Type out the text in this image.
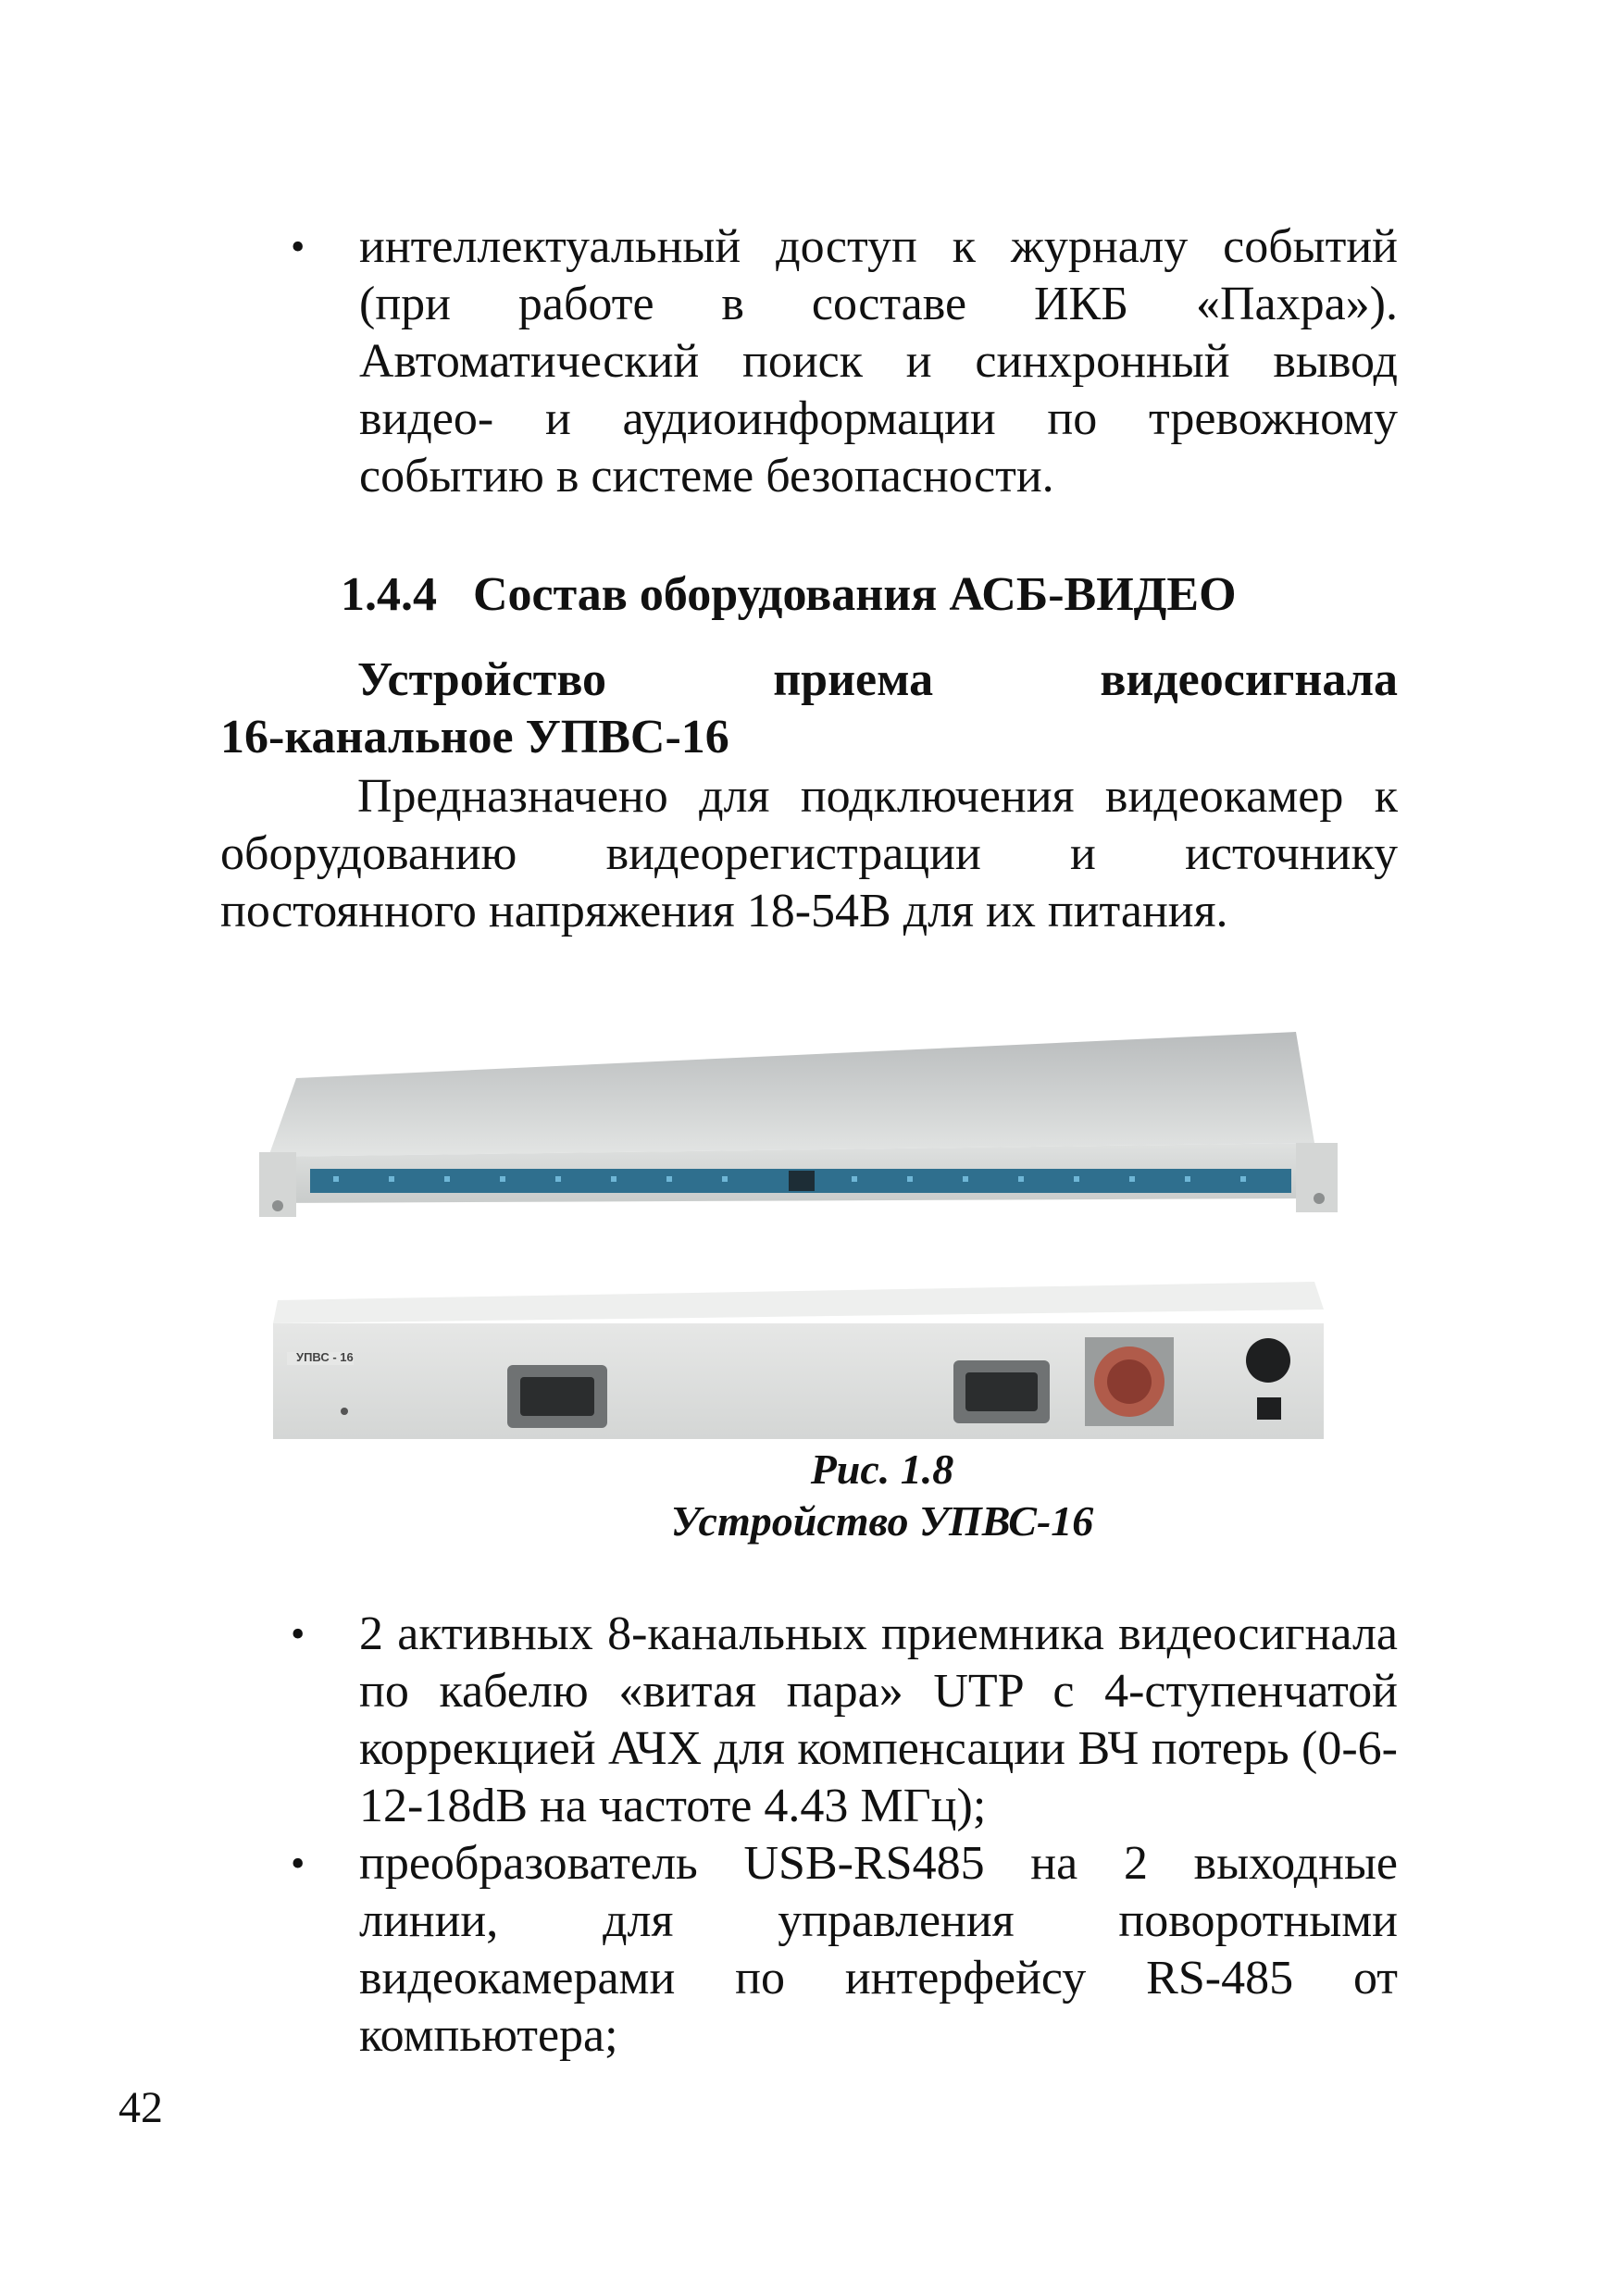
• интеллектуальный доступ к журналу событий (при работе в составе ИКБ «Пахра»). Автоматический поиск и синхронный вывод видео- и аудиоинформации по тревожному событию в системе безопасности.
1.4.4   Состав оборудования АСБ-ВИДЕО
Устройство приема видеосигнала
16-канальное УПВС-16
Предназначено для подключения видеокамер к оборудованию видеорегистрации и источнику постоянного напряжения 18-54В для их питания.
УПВС - 16
Рис. 1.8
Устройство УПВС-16
• 2 активных 8-канальных приемника видеосигнала по кабелю «витая пара» UTP с 4-ступенчатой коррекцией АЧХ для компенсации ВЧ потерь (0-6-12-18dB на частоте 4.43 МГц);
• преобразователь USB-RS485 на 2 выходные линии, для управления поворотными видеокамерами по интерфейсу RS-485 от компьютера;
42
